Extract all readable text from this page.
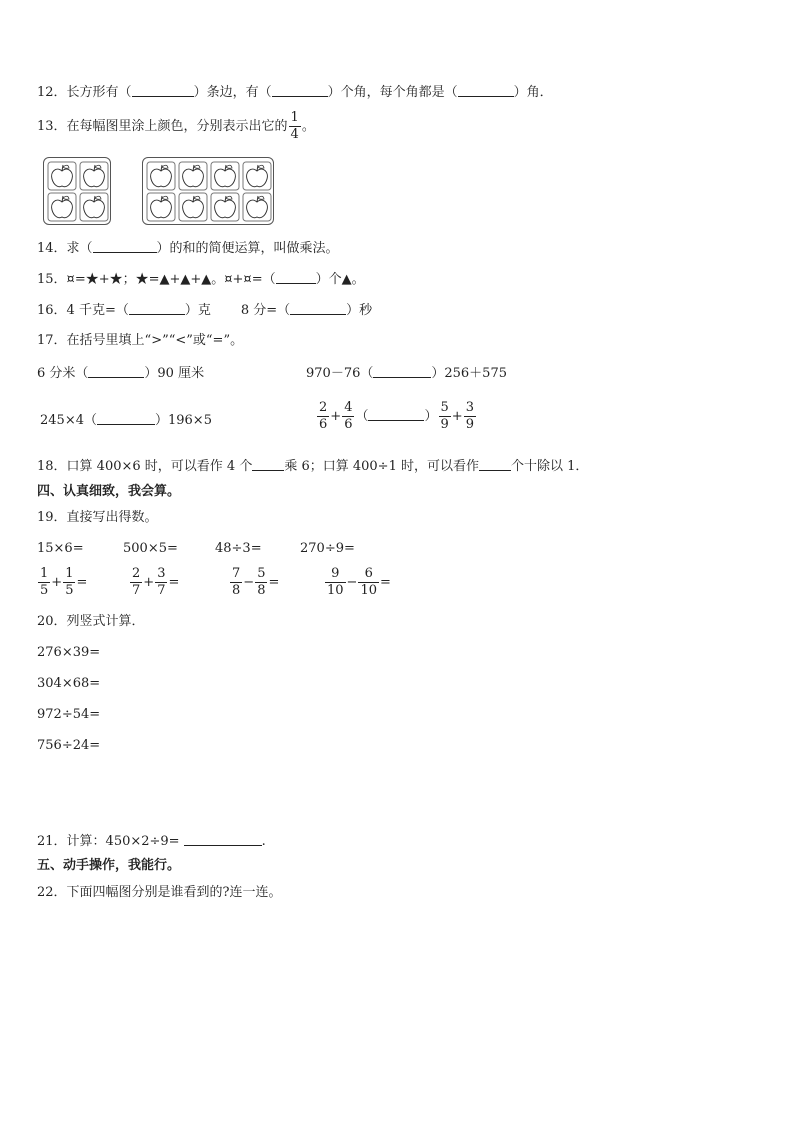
12．长方形有（	）条边，有（	）个角，每个角都是（	）角．
13．在每幅图里涂上颜色，分别表示出它的 $\frac{1}{4}$ 。
14．求（	）的和的简便运算，叫做乘法。
15．¤=★+★；★=▲+▲+▲。¤+¤=（	）个▲。
16．4 千克=（	）克 8 分=（	）秒
17．在括号里填上“>”“<”或“=”。
6 分米（	）90 厘米	970－76（	）256＋575
245×4（	）196×5	$\frac{2}{6} + \frac{4}{6}$ （	） $\frac{5}{9} + \frac{3}{9}$
18．口算 400×6 时，可以看作 4 个 乘 6；口算 400÷1 时，可以看作 个十除以 1．
四、认真细致，我会算。
19．直接写出得数。
15×6=	500×5=	48÷3=	270÷9=
$\frac{1}{5} + \frac{1}{5}$ =	$\frac{2}{7} + \frac{3}{7}$ =	$\frac{7}{8} - \frac{5}{8}$ =	$\frac{9}{10} - \frac{6}{10}$ =
20．列竖式计算．
276×39=
304×68=
972÷54=
756÷24=
21．计算：450×2÷9=	.
五、动手操作，我能行。
22．下面四幅图分别是谁看到的?连一连。
